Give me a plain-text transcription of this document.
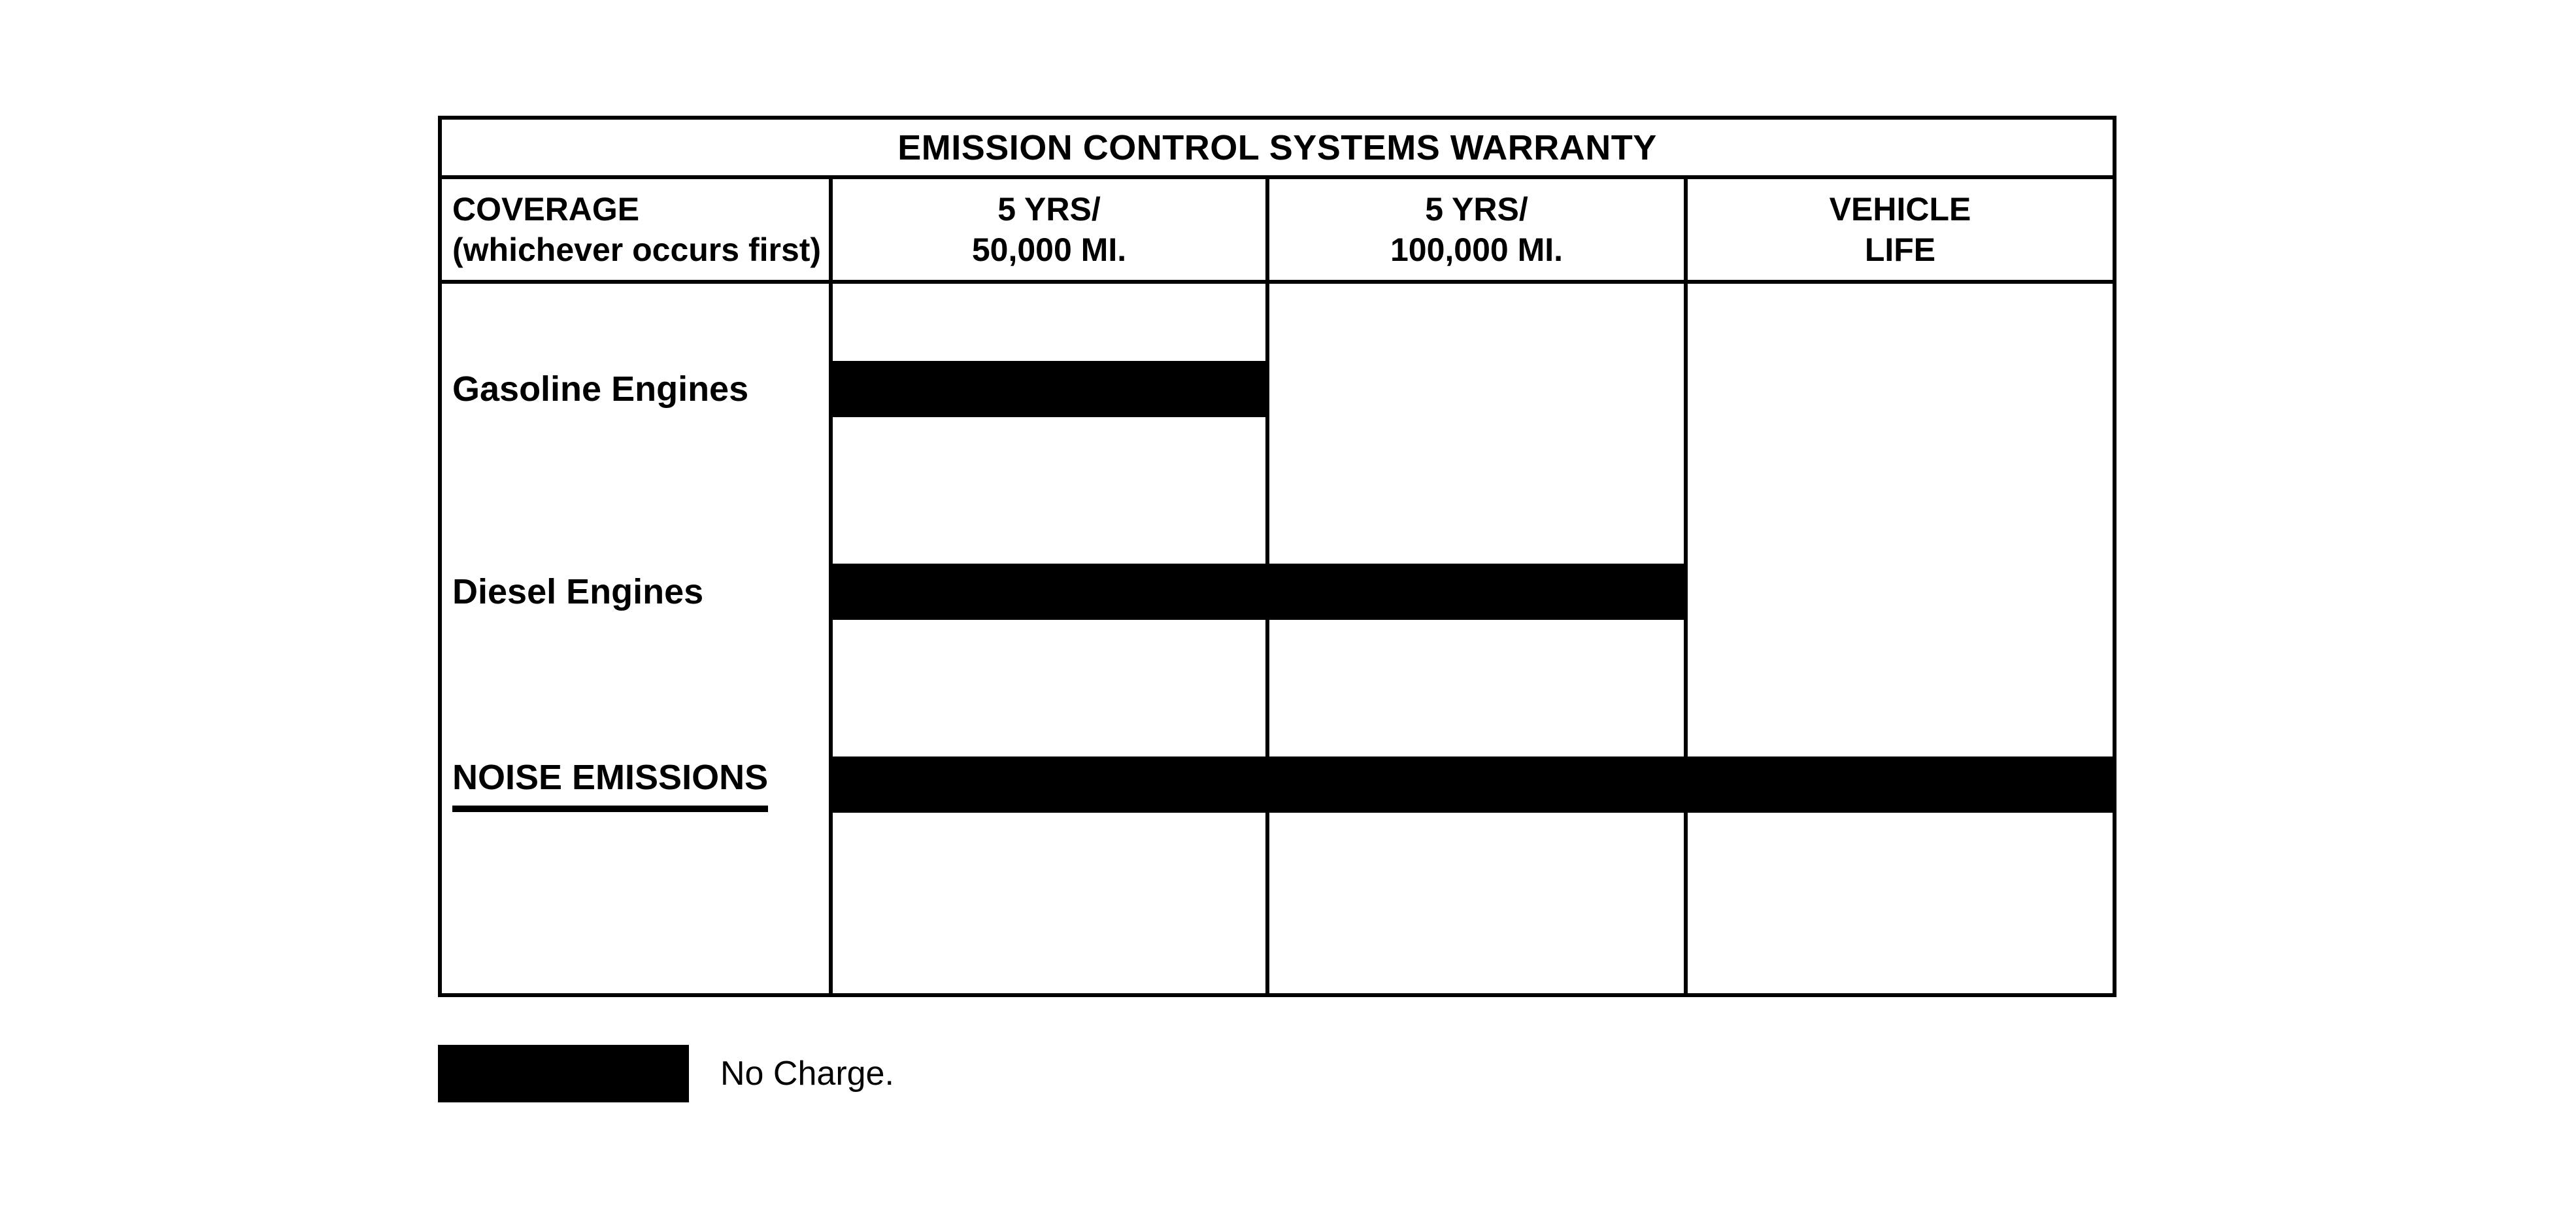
EMISSION CONTROL SYSTEMS WARRANTY
COVERAGE
(whichever occurs first)
5 YRS/
50,000 MI.
5 YRS/
100,000 MI.
VEHICLE
LIFE
Gasoline Engines
Diesel Engines
NOISE EMISSIONS
No Charge.
